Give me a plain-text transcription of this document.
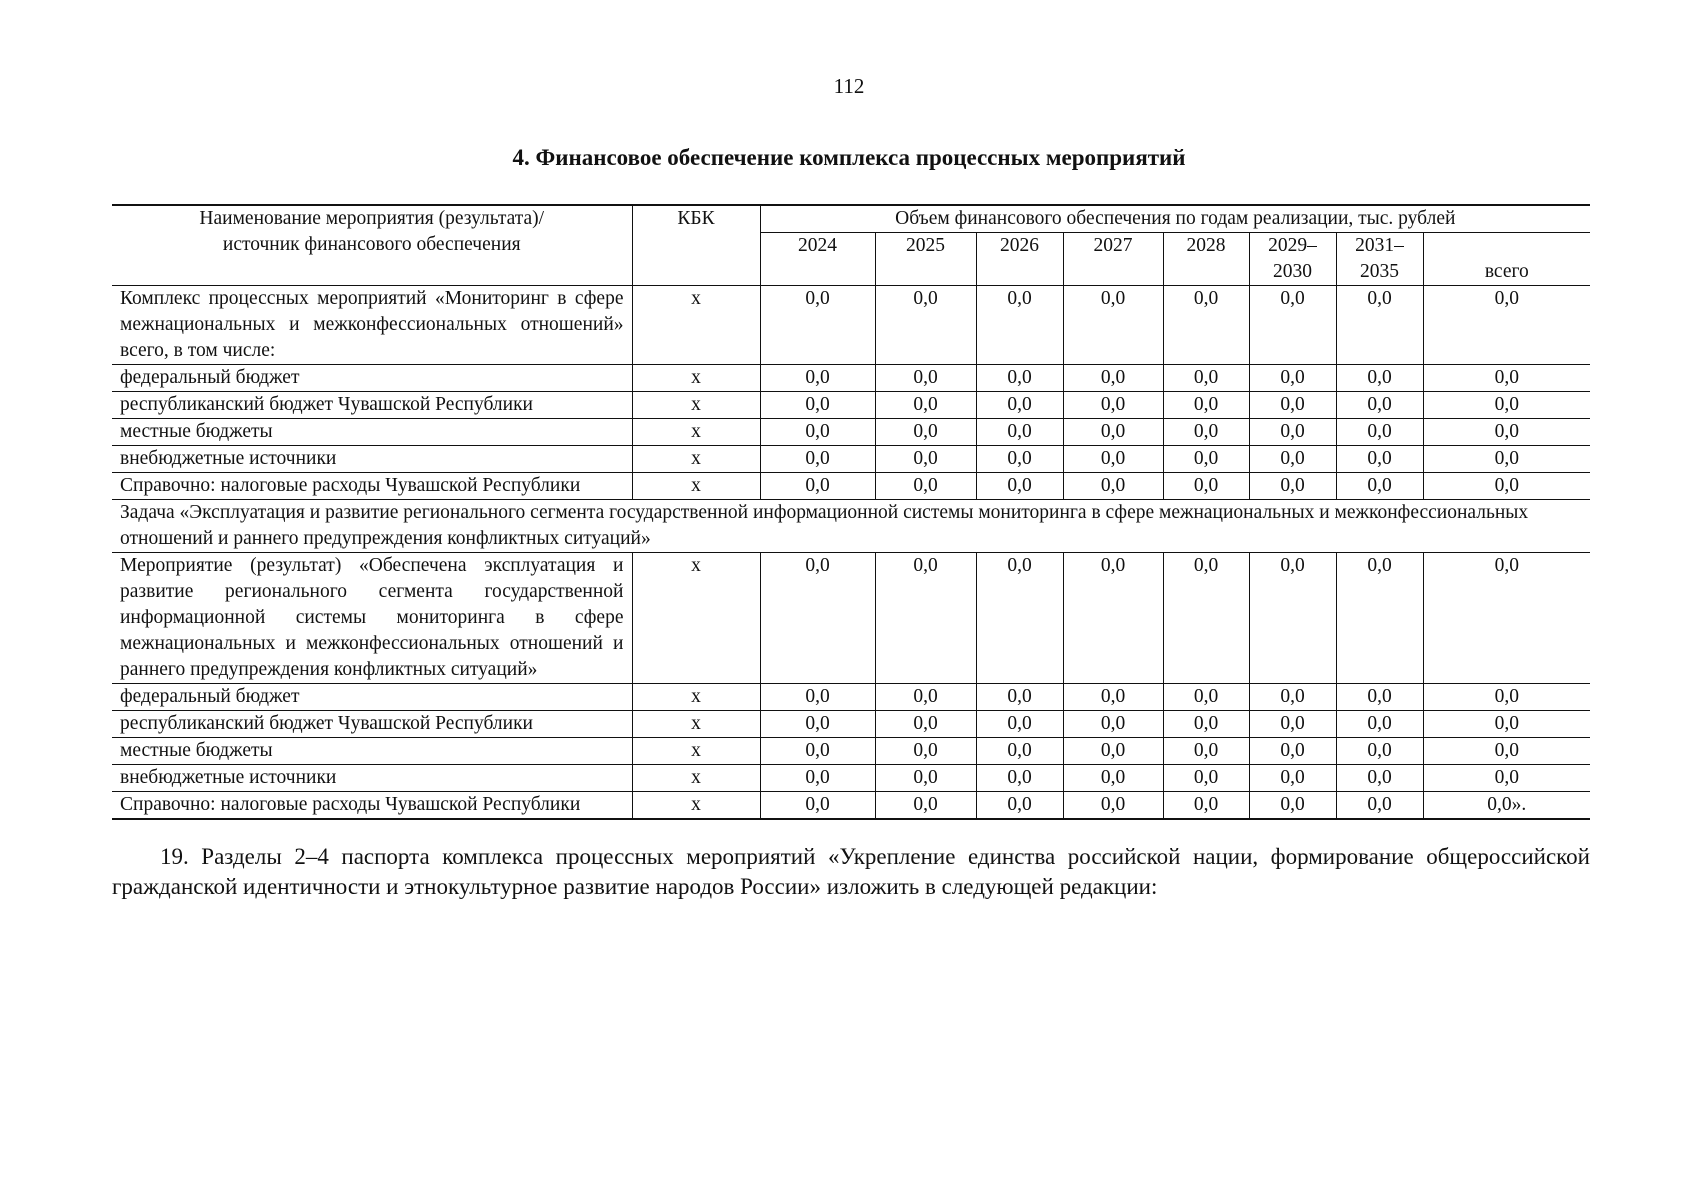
112
4. Финансовое обеспечение комплекса процессных мероприятий
Наименование мероприятия (результата)/
источник финансового обеспечения	КБК	Объем финансового обеспечения по годам реализации, тыс. рублей							
		2024	2025	2026	2027	2028	2029–2030	2031–2035	всего
Комплекс процессных мероприятий «Мониторинг в сфере межнациональных и межконфессиональных отношений» всего, в том числе:	х	0,0	0,0	0,0	0,0	0,0	0,0	0,0	0,0
федеральный бюджет	х	0,0	0,0	0,0	0,0	0,0	0,0	0,0	0,0
республиканский бюджет Чувашской Республики	х	0,0	0,0	0,0	0,0	0,0	0,0	0,0	0,0
местные бюджеты	х	0,0	0,0	0,0	0,0	0,0	0,0	0,0	0,0
внебюджетные источники	х	0,0	0,0	0,0	0,0	0,0	0,0	0,0	0,0
Справочно: налоговые расходы Чувашской Республики	х	0,0	0,0	0,0	0,0	0,0	0,0	0,0	0,0
Задача «Эксплуатация и развитие регионального сегмента государственной информационной системы мониторинга в сфере межнациональных и межконфессиональных отношений и раннего предупреждения конфликтных ситуаций»									
Мероприятие (результат) «Обеспечена эксплуатация и развитие регионального сегмента государственной информационной системы мониторинга в сфере межнациональных и межконфессиональных отношений и раннего предупреждения конфликтных ситуаций»	х	0,0	0,0	0,0	0,0	0,0	0,0	0,0	0,0
федеральный бюджет	х	0,0	0,0	0,0	0,0	0,0	0,0	0,0	0,0
республиканский бюджет Чувашской Республики	х	0,0	0,0	0,0	0,0	0,0	0,0	0,0	0,0
местные бюджеты	х	0,0	0,0	0,0	0,0	0,0	0,0	0,0	0,0
внебюджетные источники	х	0,0	0,0	0,0	0,0	0,0	0,0	0,0	0,0
Справочно: налоговые расходы Чувашской Республики	х	0,0	0,0	0,0	0,0	0,0	0,0	0,0	0,0».
19. Разделы 2–4 паспорта комплекса процессных мероприятий «Укрепление единства российской нации, формирование общероссийской гражданской идентичности и этнокультурное развитие народов России» изложить в следующей редакции:
